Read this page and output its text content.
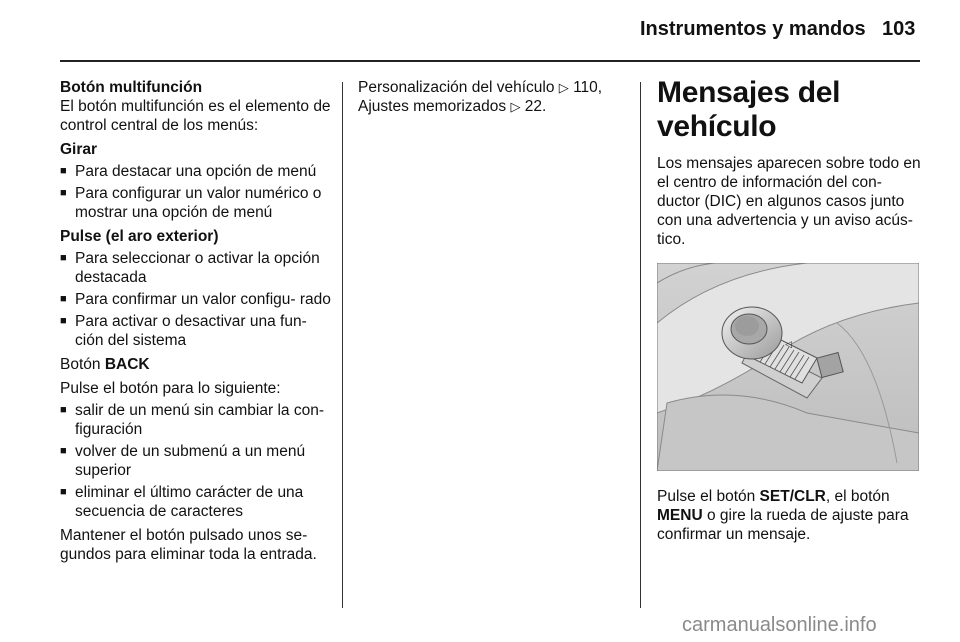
Instrumentos y mandos 103

Botón multifunción

El botón multifunción es el elemento de control central de los menús:

Girar

■ Para destacar una opción de menú
■ Para configurar un valor numérico o mostrar una opción de menú

Pulse (el aro exterior)

■ Para seleccionar o activar la opción destacada
■ Para confirmar un valor configu- rado
■ Para activar o desactivar una fun- ción del sistema

Botón BACK

Pulse el botón para lo siguiente:

■ salir de un menú sin cambiar la con- figuración
■ volver de un submenú a un menú superior
■ eliminar el último carácter de una secuencia de caracteres

Mantener el botón pulsado unos se- gundos para eliminar toda la entrada.

Personalización del vehículo ▷ 110,

Ajustes memorizados ▷ 22.	Mensajes del vehículo

Los mensajes aparecen sobre todo en el centro de información del con- ductor (DIC) en algunos casos junto con una advertencia y un aviso acús- tico.

◁

Pulse el botón SET/CLR, el botón MENU o gire la rueda de ajuste para confirmar un mensaje.

carmanualsonline.info
